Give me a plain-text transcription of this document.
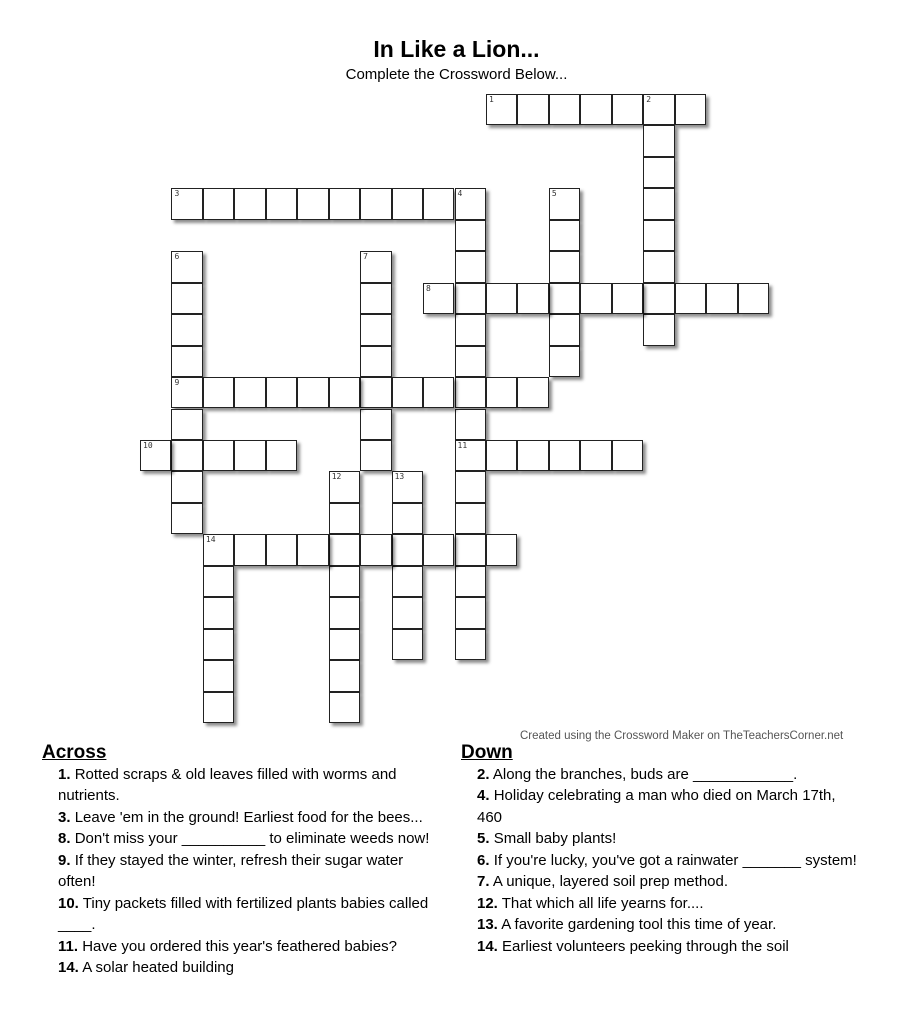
In Like a Lion...
Complete the Crossword Below...
1	2
3	4
11
5
6
9
7
8
10
12	13
14
Created using the Crossword Maker on TheTeachersCorner.net
Across
1. Rotted scraps & old leaves filled with worms and nutrients.
3. Leave 'em in the ground! Earliest food for the bees...
8. Don't miss your __________ to eliminate weeds now!
9. If they stayed the winter, refresh their sugar water often!
10. Tiny packets filled with fertilized plants babies called ____.
11. Have you ordered this year's feathered babies?
14. A solar heated building
Down
2. Along the branches, buds are ____________.
4. Holiday celebrating a man who died on March 17th, 460
5. Small baby plants!
6. If you're lucky, you've got a rainwater _______ system!
7. A unique, layered soil prep method.
12. That which all life yearns for....
13. A favorite gardening tool this time of year.
14. Earliest volunteers peeking through the soil
